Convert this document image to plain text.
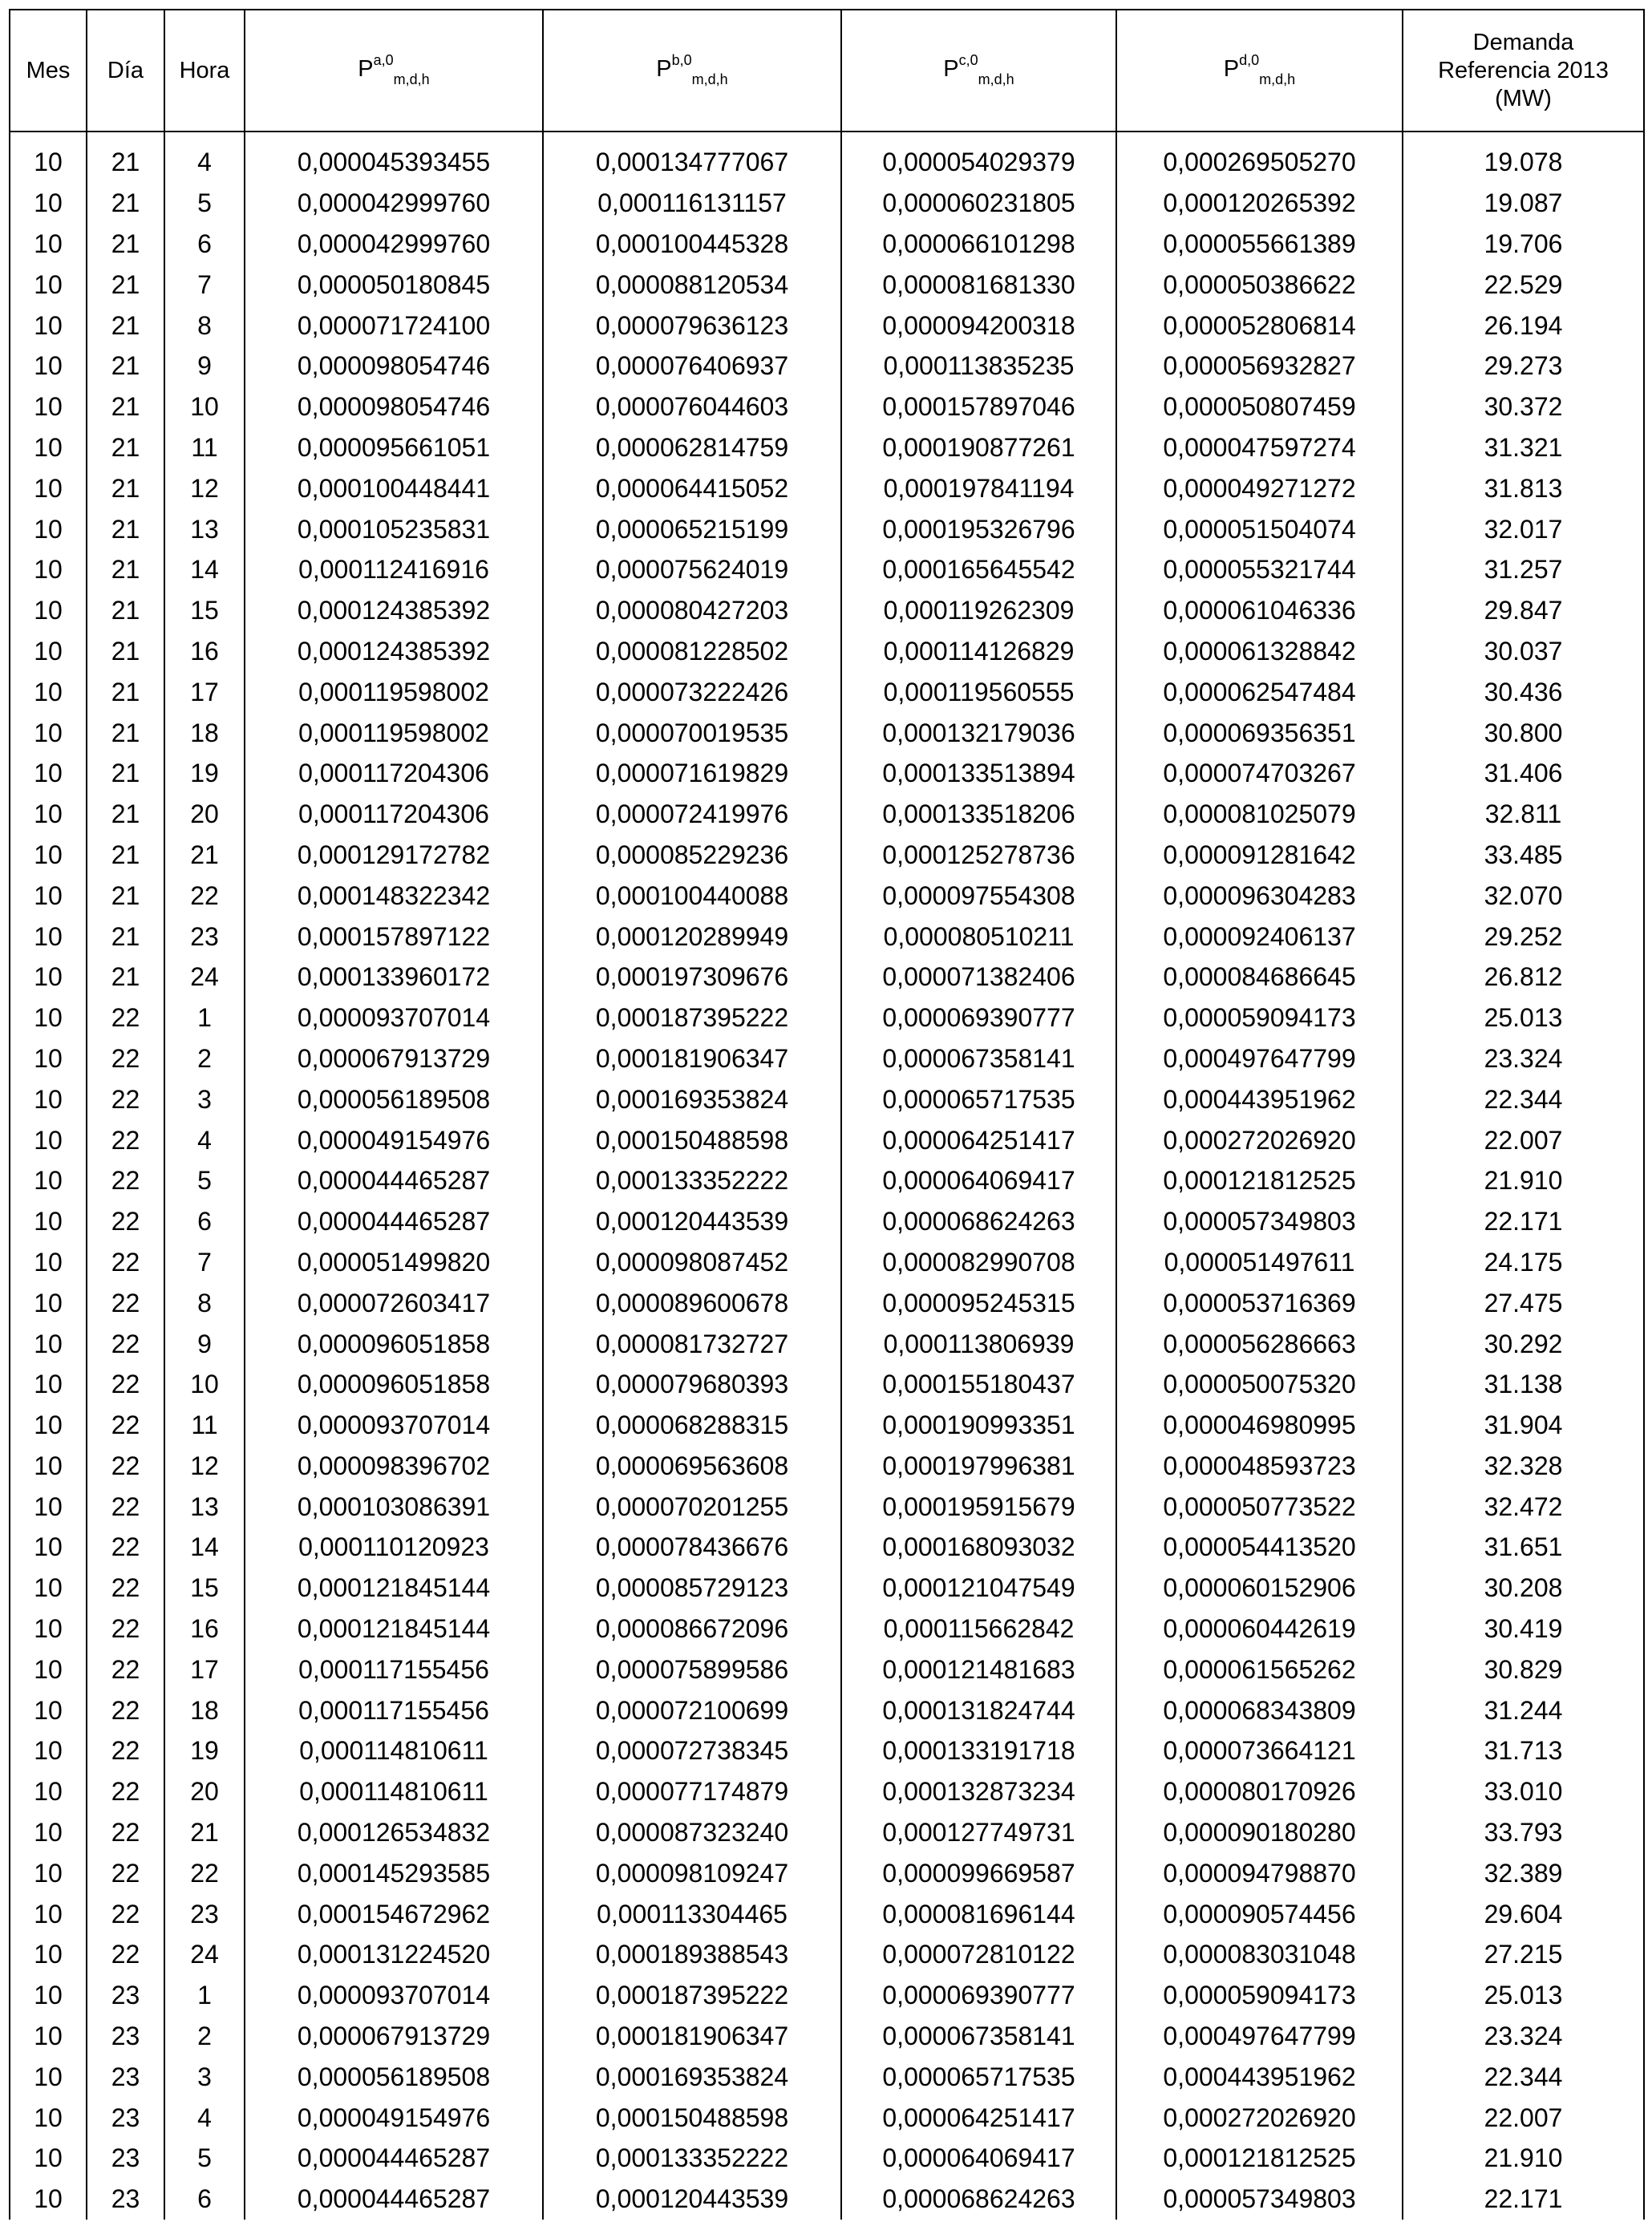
Mes	Día	Hora	P$^{a,0}_{m,d,h}$	P$^{b,0}_{m,d,h}$	P$^{c,0}_{m,d,h}$	P$^{d,0}_{m,d,h}$	Demanda
Referencia 2013
(MW)

10	21	4	0,000045393455	0,000134777067	0,000054029379	0,000269505270	19.078
10	21	5	0,000042999760	0,000116131157	0,000060231805	0,000120265392	19.087
10	21	6	0,000042999760	0,000100445328	0,000066101298	0,000055661389	19.706
10	21	7	0,000050180845	0,000088120534	0,000081681330	0,000050386622	22.529
10	21	8	0,000071724100	0,000079636123	0,000094200318	0,000052806814	26.194
10	21	9	0,000098054746	0,000076406937	0,000113835235	0,000056932827	29.273
10	21	10	0,000098054746	0,000076044603	0,000157897046	0,000050807459	30.372
10	21	11	0,000095661051	0,000062814759	0,000190877261	0,000047597274	31.321
10	21	12	0,000100448441	0,000064415052	0,000197841194	0,000049271272	31.813
10	21	13	0,000105235831	0,000065215199	0,000195326796	0,000051504074	32.017
10	21	14	0,000112416916	0,000075624019	0,000165645542	0,000055321744	31.257
10	21	15	0,000124385392	0,000080427203	0,000119262309	0,000061046336	29.847
10	21	16	0,000124385392	0,000081228502	0,000114126829	0,000061328842	30.037
10	21	17	0,000119598002	0,000073222426	0,000119560555	0,000062547484	30.436
10	21	18	0,000119598002	0,000070019535	0,000132179036	0,000069356351	30.800
10	21	19	0,000117204306	0,000071619829	0,000133513894	0,000074703267	31.406
10	21	20	0,000117204306	0,000072419976	0,000133518206	0,000081025079	32.811
10	21	21	0,000129172782	0,000085229236	0,000125278736	0,000091281642	33.485
10	21	22	0,000148322342	0,000100440088	0,000097554308	0,000096304283	32.070
10	21	23	0,000157897122	0,000120289949	0,000080510211	0,000092406137	29.252
10	21	24	0,000133960172	0,000197309676	0,000071382406	0,000084686645	26.812
10	22	1	0,000093707014	0,000187395222	0,000069390777	0,000059094173	25.013
10	22	2	0,000067913729	0,000181906347	0,000067358141	0,000497647799	23.324
10	22	3	0,000056189508	0,000169353824	0,000065717535	0,000443951962	22.344
10	22	4	0,000049154976	0,000150488598	0,000064251417	0,000272026920	22.007
10	22	5	0,000044465287	0,000133352222	0,000064069417	0,000121812525	21.910
10	22	6	0,000044465287	0,000120443539	0,000068624263	0,000057349803	22.171
10	22	7	0,000051499820	0,000098087452	0,000082990708	0,000051497611	24.175
10	22	8	0,000072603417	0,000089600678	0,000095245315	0,000053716369	27.475
10	22	9	0,000096051858	0,000081732727	0,000113806939	0,000056286663	30.292
10	22	10	0,000096051858	0,000079680393	0,000155180437	0,000050075320	31.138
10	22	11	0,000093707014	0,000068288315	0,000190993351	0,000046980995	31.904
10	22	12	0,000098396702	0,000069563608	0,000197996381	0,000048593723	32.328
10	22	13	0,000103086391	0,000070201255	0,000195915679	0,000050773522	32.472
10	22	14	0,000110120923	0,000078436676	0,000168093032	0,000054413520	31.651
10	22	15	0,000121845144	0,000085729123	0,000121047549	0,000060152906	30.208
10	22	16	0,000121845144	0,000086672096	0,000115662842	0,000060442619	30.419
10	22	17	0,000117155456	0,000075899586	0,000121481683	0,000061565262	30.829
10	22	18	0,000117155456	0,000072100699	0,000131824744	0,000068343809	31.244
10	22	19	0,000114810611	0,000072738345	0,000133191718	0,000073664121	31.713
10	22	20	0,000114810611	0,000077174879	0,000132873234	0,000080170926	33.010
10	22	21	0,000126534832	0,000087323240	0,000127749731	0,000090180280	33.793
10	22	22	0,000145293585	0,000098109247	0,000099669587	0,000094798870	32.389
10	22	23	0,000154672962	0,000113304465	0,000081696144	0,000090574456	29.604
10	22	24	0,000131224520	0,000189388543	0,000072810122	0,000083031048	27.215
10	23	1	0,000093707014	0,000187395222	0,000069390777	0,000059094173	25.013
10	23	2	0,000067913729	0,000181906347	0,000067358141	0,000497647799	23.324
10	23	3	0,000056189508	0,000169353824	0,000065717535	0,000443951962	22.344
10	23	4	0,000049154976	0,000150488598	0,000064251417	0,000272026920	22.007
10	23	5	0,000044465287	0,000133352222	0,000064069417	0,000121812525	21.910
10	23	6	0,000044465287	0,000120443539	0,000068624263	0,000057349803	22.171
